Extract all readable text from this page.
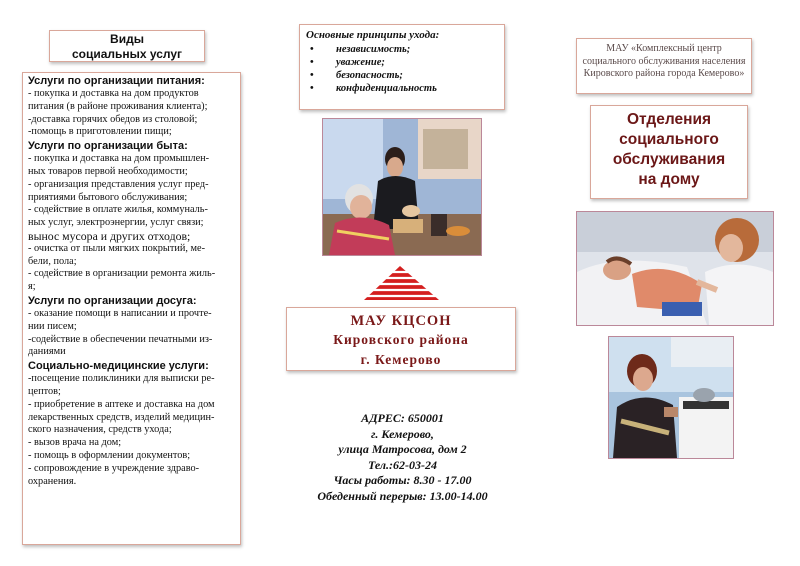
Виды
социальных услуг
Услуги по организации питания:
- покупка и доставка на дом продуктов
питания (в районе проживания клиента);
-доставка горячих обедов из столовой;
-помощь в приготовлении пищи;
Услуги по организации быта:
- покупка и доставка на дом промышлен-
ных товаров первой необходимости;
- организация представления услуг пред-
приятиями бытового обслуживания;
- содействие в оплате жилья, коммуналь-
ных услуг, электроэнергии, услуг связи;
вынос мусора и других отходов;
- очистка от пыли мягких покрытий, ме-
бели, пола;
- содействие в организации ремонта жиль-
я;
Услуги по организации досуга:
- оказание помощи в написании и прочте-
нии писем;
-содействие в обеспечении печатными из-
даниями
Социально-медицинские услуги:
-посещение поликлиники для выписки ре-
цептов;
- приобретение в аптеке и доставка на дом
лекарственных средств, изделий медицин-
ского назначения, средств ухода;
- вызов врача на дом;
- помощь в оформлении документов;
- сопровождение в учреждение здраво-
охранения.
Основные принципы ухода:
• независимость;
• уважение;
• безопасность;
• конфиденциальность
МАУ КЦСОН
Кировского района
г. Кемерово
АДРЕС: 650001
г. Кемерово,
улица Матросова, дом 2
Тел.:62-03-24
Часы работы: 8.30 - 17.00
Обеденный перерыв: 13.00-14.00
МАУ «Комплексный центр
социального обслуживания населения
Кировского района города Кемерово»
Отделения
социального
обслуживания
на дому
